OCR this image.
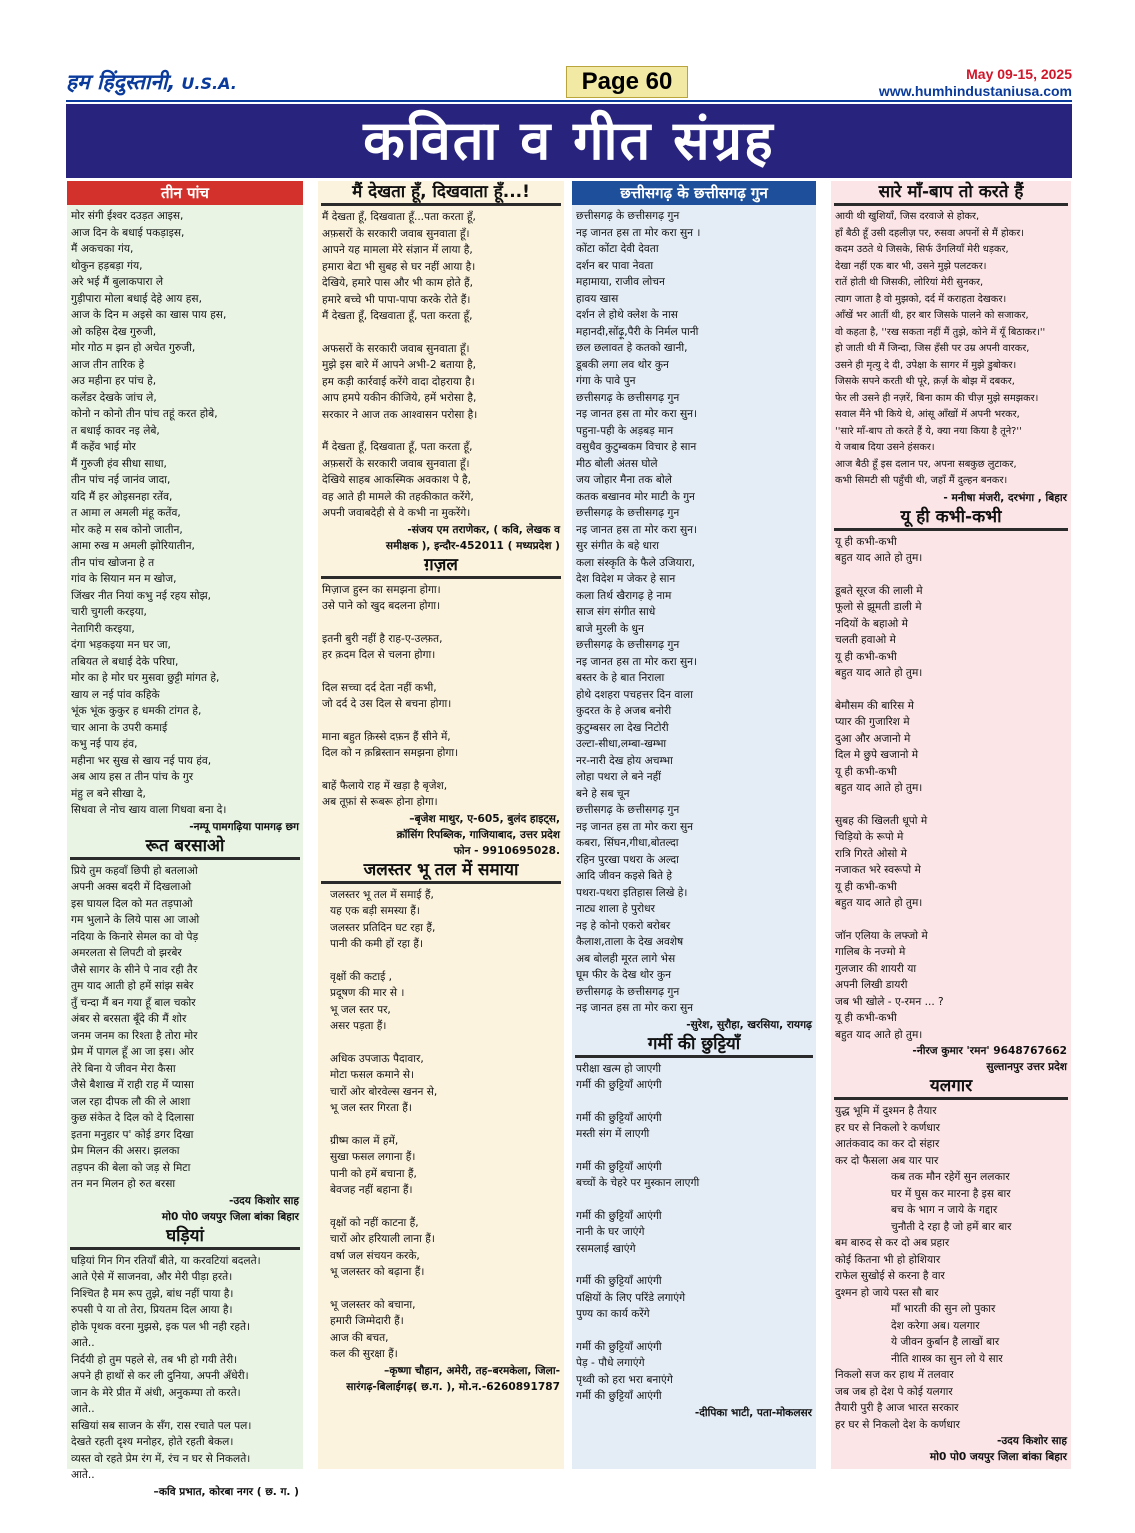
हम हिंदुस्तानी, U.S.A.	Page 60	May 09-15, 2025
www.humhindustaniusa.com
कविता व गीत संग्रह
तीन पांच

मोर संगी ईश्वर दउड़त आइस,

आज दिन के बधाई पकड़ाइस,

मैं अकचका गंय,

थोकुन हड़बड़ा गंय,

अरे भई मैं बुलाकपारा ले

गुड़ीपारा मोला बधाई देहे आय हस,

आज के दिन म अइसे का खास पाय हस,

ओ कहिस देख गुरुजी,

मोर गोठ म झन हो अचेत गुरुजी,

आज तीन तारिक हे

अउ महीना हर पांच हे,

कलेंडर देखके जांच ले,

कोनो न कोनो तीन पांच तहूं करत होबे,

त बधाई कावर नइ लेबे,

मैं कहेंव भाई मोर

मैं गुरुजी हंव सीधा साधा,

तीन पांच नई जानंव जादा,

यदि मैं हर ओइसनहा रतेंव,

त आमा ल अमली मंहू कतेंव,

मोर कहे म सब कोनो जातीन,

आमा रुख म अमली झोरियातीन,

तीन पांच खोजना हे त

गांव के सियान मन म खोज,

जिंखर नीत नियां कभु नई रहय सोझ,

चारी चुगली करइया,

नेतागिरी करइया,

दंगा भड़कइया मन घर जा,

तबियत ले बधाई देके परिघा,

मोर का हे मोर घर मुसवा छुट्टी मांगत हे,

खाय ल नई पांव कहिके

भूंक भूंक कुकुर ह धमकी टांगत हे,

चार आना के उपरी कमाई

कभु नई पाय हंव,

महीना भर सुख से खाय नई पाय हंव,

अब आय हस त तीन पांच के गुर

मंहु ल बने सीखा दे,

सिधवा ले नोच खाय वाला गिधवा बना दे।

-नम्पू पामगढ़िया पामगढ़ छग
रूत बरसाओ

प्रिये तुम कहवाँ छिपी हो बतलाओ

अपनी अक्स बदरी में दिखलाओ

इस घायल दिल को मत तड़पाओ

गम भुलाने के लिये पास आ जाओ

नदिया के किनारे सेमल का वो पेड़

अमरलता से लिपटी वो झरबेर

जैसे सागर के सीने पे नाव रही तैर

तुम याद आती हो हमें सांझ सबेर

तुँ चन्दा मैं बन गया हूँ बाल चकोर

अंबर से बरसता बूँदे की मैं शोर

जनम जनम का रिश्ता है तोरा मोर

प्रेम में पागल हूँ आ जा इस। ओर

तेरे बिना ये जीवन मेरा कैसा

जैसे बैशाख में राही राह में प्यासा

जल रहा दीपक लौ की ले आशा

कुछ संकेत दे दिल को दे दिलासा

इतना मनुहार प' कोई डगर दिखा

प्रेम मिलन की असर। झलका

तड़पन की बेला को जड़ से मिटा

तन मन मिलन हो रुत बरसा

-उदय किशोर साह
मो0 पो0 जयपुर जिला बांका बिहार
घड़ियां

घड़ियां गिन गिन रतियाँ बीते, या करवटियां बदलते।

आते ऐसे में साजनवा, और मेरी पीड़ा हरते।

निश्चित है मम रूप तुझे, बांध नहीं पाया है।

रुपसी पे या तो तेरा, प्रियतम दिल आया है।

होके पृथक वरना मुझसे, इक पल भी नही रहते।

आते..

निर्दयी हो तुम पहले से, तब भी हो गयी तेरी।

अपने ही हाथों से कर ली दुनिया, अपनी अँधेरी।

जान के मेरे प्रीत में अंधी, अनुकम्पा तो करते।

आते..

सखियां सब साजन के सँग, रास रचाते पल पल।

देखते रहती दृश्य मनोहर, होते रहती बेकल।

व्यस्त वो रहते प्रेम रंग में, रंच न घर से निकलते।

आते..

–कवि प्रभात, कोरबा नगर ( छ. ग. )
मैं देखता हूँ, दिखवाता हूँ...!

मैं देखता हूँ, दिखवाता हूँ...पता करता हूँ,

अफ़सरों के सरकारी जवाब सुनवाता हूँ।

आपने यह मामला मेरे संज्ञान में लाया है,

हमारा बेटा भी सुबह से घर नहीं आया है।

देखिये, हमारे पास और भी काम होते हैं,

हमारे बच्चे भी पापा-पापा करके रोते हैं।

मैं देखता हूँ, दिखवाता हूँ, पता करता हूँ,

अफसरों के सरकारी जवाब सुनवाता हूँ।

मुझे इस बारे में आपने अभी-2 बताया है,

हम कड़ी कार्रवाई करेंगे वादा दोहराया है।

आप हमपे यकीन कीजिये, हमें भरोसा है,

सरकार ने आज तक आश्वासन परोसा है।

मैं देखता हूँ, दिखवाता हूँ, पता करता हूँ,

अफ़सरों के सरकारी जवाब सुनवाता हूँ।

देखिये साहब आकस्मिक अवकाश पे है,

वह आते ही मामले की तहकीकात करेंगे,

अपनी जवाबदेही से वे कभी ना मुकरेंगे।

-संजय एम तराणेकर, ( कवि, लेखक व
समीक्षक ), इन्दौर-452011 ( मध्यप्रदेश )
ग़ज़ल

मिज़ाज हुस्न का समझना होगा।

उसे पाने को खुद बदलना होगा।

इतनी बुरी नहीं है राह-ए-उल्फ़त,

हर क़दम दिल से चलना होगा।

दिल सच्चा दर्द देता नहीं कभी,

जो दर्द दे उस दिल से बचना होगा।

माना बहुत क़िस्से दफ़न हैं सीने में,

दिल को न क़ब्रिस्तान समझना होगा।

बाहें फैलाये राह में खड़ा है बृजेश,

अब तूफ़ां से रूबरू होना होगा।

–बृजेश माथुर, ए-605, बुलंद हाइट्स,
क्रॉसिंग रिपब्लिक, गाजियाबाद, उत्तर प्रदेश
फोन - 9910695028.
जलस्तर भू तल में समाया

जलस्तर भू तल में समाई हैं,

यह एक बड़ी समस्या हैं।

जलस्तर प्रतिदिन घट रहा हैं,

पानी की कमी हों रहा हैं।

वृक्षों की कटाई ,

प्रदूषण की मार से ।

भू जल स्तर पर,

असर पड़ता हैं।

अधिक उपजाऊ पैदावार,

मोटा फसल कमाने से।

चारों ओर बोरवेल्स खनन से,

भू जल स्तर गिरता हैं।

ग्रीष्म काल में हमें,

सुखा फसल लगाना हैं।

पानी को हमें बचाना हैं,

बेवजह नहीं बहाना हैं।

वृक्षों को नहीं काटना हैं,

चारों ओर हरियाली लाना हैं।

वर्षा जल संचयन करके,

भू जलस्तर को बढ़ाना हैं।

भू जलस्तर को बचाना,

हमारी जिम्मेदारी हैं।

आज की बचत,

कल की सुरक्षा हैं।

–कृष्णा चौहान, अमेरी, तह–बरमकेला, जिला-
सारंगढ़-बिलाईगढ़( छ.ग. ), मो.न.-6260891787
छत्तीसगढ़ के छत्तीसगढ़ गुन

छत्तीसगढ़ के छत्तीसगढ़ गुन

नइ जानत हस ता मोर करा सुन ।

कोंटा कोंटा देवी देवता

दर्शन बर पावा नेवता

महामाया, राजीव लोचन

हावय खास

दर्शन ले होथे क्लेश के नास

महानदी,सोंढ़ू,पैरी के निर्मल पानी

छल छलावत हे कतको खानी,

डूबकी लगा लव थोर कुन

गंगा के पावे पुन

छत्तीसगढ़ के छत्तीसगढ़ गुन

नइ जानत हस ता मोर करा सुन।

पहुना-पही के अड़बड़ मान

वसुधैव कुटुम्बकम विचार हे सान

मीठ बोली अंतस घोले

जय जोहार मैना तक बोले

कतक बखानव मोर माटी के गुन

छत्तीसगढ़ के छत्तीसगढ़ गुन

नइ जानत हस ता मोर करा सुन।

सुर संगीत के बहे धारा

कला संस्कृति के फैले उजियारा,

देश विदेश म जेकर हे सान

कला तिर्थ खैरागढ़ हे नाम

साज संग संगीत साधे

बाजे मुरली के धुन

छत्तीसगढ़ के छत्तीसगढ़ गुन

नइ जानत हस ता मोर करा सुन।

बस्तर के हे बात निराला

होथे दशहरा पचहत्तर दिन वाला

कुदरत के हे अजब बनोरी

कुटुम्बसर ला देख निटोरी

उल्टा-सीधा,लम्बा-खम्भा

नर-नारी देख होय अचम्भा

लोहा पथरा ले बने नहीं

बने हे सब चून

छत्तीसगढ़ के छत्तीसगढ़ गुन

नइ जानत हस ता मोर करा सुन

कबरा, सिंघन,गीधा,बोतल्दा

रहिन पुरखा पथरा के अल्दा

आदि जीवन कइसे बिते हे

पथरा-पथरा इतिहास लिखे हे।

नाट्य शाला हे पुरोधर

नइ हे कोनो एकरो बरोबर

कैलाश,ताला के देख अवशेष

अब बोलही मूरत लागे भेस

घूम फीर के देख थोर कुन

छत्तीसगढ़ के छत्तीसगढ़ गुन

नइ जानत हस ता मोर करा सुन

-सुरेश, सुरौहा, खरसिया, रायगढ़
गर्मी की छुट्टियाँ

परीक्षा खत्म हो जाएगी

गर्मी की छुट्टियाँ आएंगी

गर्मी की छुट्टियाँ आएंगी

मस्ती संग में लाएगी

गर्मी की छुट्टियाँ आएंगी

बच्चों के चेहरे पर मुस्कान लाएगी

गर्मी की छुट्टियाँ आएंगी

नानी के घर जाएंगे

रसमलाई खाएंगे

गर्मी की छुट्टियाँ आएंगी

पक्षियों के लिए परिंडे लगाएंगे

पुण्य का कार्य करेंगे

गर्मी की छुट्टियाँ आएंगी

पेड़ - पौधे लगाएंगे

पृथ्वी को हरा भरा बनाएंगे

गर्मी की छुट्टियाँ आएंगी

-दीपिका भाटी, पता-मोकलसर
सारे माँ-बाप तो करते हैं

आयी थी खुशियाँ, जिस दरवाजे से होकर,

हाँ बैठी हूँ उसी दहलीज़ पर, रुसवा अपनों से मैं होकर।

कदम उठते थे जिसके, सिर्फ उँगलियाँ मेरी धड़कर,

देखा नहीं एक बार भी, उसने मुझे पलटकर।

रातें होती थी जिसकी, लोरियां मेरी सुनकर,

त्याग जाता है वो मुझको, दर्द में कराहता देखकर।

आँखें भर आतीं थी, हर बार जिसके पालने को सजाकर,

वो कहता है, ''रख सकता नहीं मैं तुझे, कोने में यूँ बिठाकर।''

हो जाती थी मैं जिन्दा, जिस हँसी पर उम्र अपनी वारकर,

उसने ही मृत्यु दे दी, उपेक्षा के सागर में मुझे डुबोकर।

जिसके सपने करती थी पूरे, क़र्ज़ के बोझ में दबकर,

फेर ली उसने ही नज़रें, बिना काम की चीज़ मुझे समझकर।

सवाल मैंने भी किये थे, आंसू आँखों में अपनी भरकर,

''सारे माँ-बाप तो करते हैं ये, क्या नया किया है तूने?''

ये जबाब दिया उसने हंसकर।

आज बैठी हूँ इस दलान पर, अपना सबकुछ लुटाकर,

कभी सिमटी सी पहुँची थी, जहाँ मैं दुल्हन बनकर।

- मनीषा मंजरी, दरभंगा , बिहार
यू ही कभी-कभी

यू ही कभी-कभी

बहुत याद आते हो तुम।

डूबते सूरज की लाली मे

फूलो से झूमती डाली मे

नदियों के बहाओ मे

चलती हवाओ मे

यू ही कभी-कभी

बहुत याद आते हो तुम।

बेमौसम की बारिस मे

प्यार की गुजारिश मे

दुआ और अजानो मे

दिल मे छुपे खजानो मे

यू ही कभी-कभी

बहुत याद आते हो तुम।

सुबह की खिलती धूपो मे

चिड़ियो के रूपो मे

रात्रि गिरते ओसो मे

नजाकत भरे स्वरूपो मे

यू ही कभी-कभी

बहुत याद आते हो तुम।

जॉन एलिया के लफ्जो मे

गालिब के नज्मो मे

गुलजार की शायरी या

अपनी लिखी डायरी

जब भी खोले - ए-रमन ... ?

यू ही कभी-कभी

बहुत याद आते हो तुम।

-नीरज कुमार 'रमन' 9648767662
सुल्तानपुर उत्तर प्रदेश
यलगार

युद्ध भूमि में दुश्मन है तैयार

हर घर से निकलो रे कर्णधार

आतंकवाद का कर दो संहार

कर दो फैसला अब यार पार

कब तक मौन रहेगें सुन ललकार

घर में घुस कर मारना है इस बार

बच के भाग न जाये के गद्दार

चुनौती दे रहा है जो हमें बार बार

बम बारुद से कर दो अब प्रहार

कोई कितना भी हो होशियार

राफेल सुखोई से करना है वार

दुश्मन हो जाये पस्त सौ बार

माँ भारती की सुन लो पुकार

देश करेगा अब। यलगार

ये जीवन कुर्बान है लाखों बार

नीति शास्त्र का सुन लो ये सार

निकलो सज कर हाथ में तलवार

जब जब हो देश पे कोई यलगार

तैयारी पुरी है आज भारत सरकार

हर घर से निकलो देश के कर्णधार

-उदय किशोर साह
मो0 पो0 जयपुर जिला बांका बिहार
